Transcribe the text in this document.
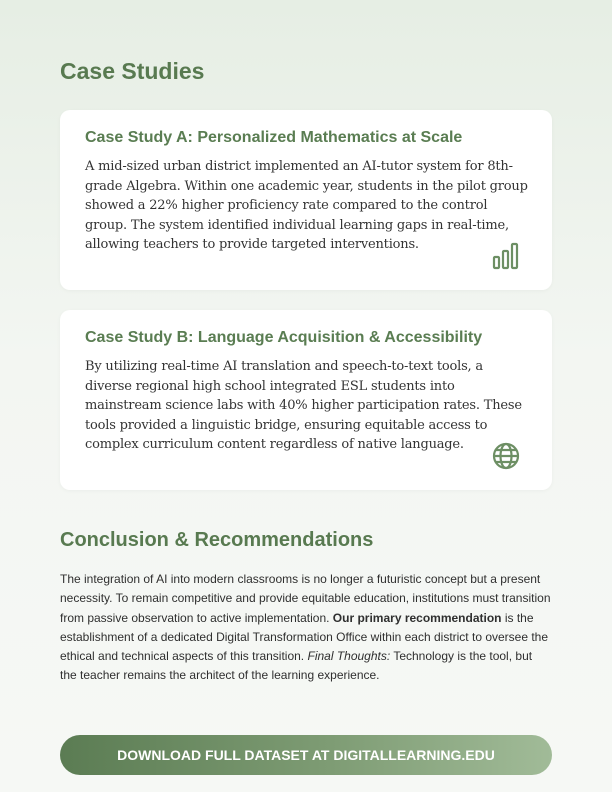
Case Studies
Case Study A: Personalized Mathematics at Scale

A mid-sized urban district implemented an AI-tutor system for 8th-grade Algebra. Within one academic year, students in the pilot group showed a 22% higher proficiency rate compared to the control group. The system identified individual learning gaps in real-time, allowing teachers to provide targeted interventions.

Case Study B: Language Acquisition & Accessibility

By utilizing real-time AI translation and speech-to-text tools, a diverse regional high school integrated ESL students into mainstream science labs with 40% higher participation rates. These tools provided a linguistic bridge, ensuring equitable access to complex curriculum content regardless of native language.

Conclusion & Recommendations

The integration of AI into modern classrooms is no longer a futuristic concept but a present necessity. To remain competitive and provide equitable education, institutions must transition from passive observation to active implementation. Our primary recommendation is the establishment of a dedicated Digital Transformation Office within each district to oversee the ethical and technical aspects of this transition. Final Thoughts: Technology is the tool, but the teacher remains the architect of the learning experience.

DOWNLOAD FULL DATASET AT DIGITALLEARNING.EDU
